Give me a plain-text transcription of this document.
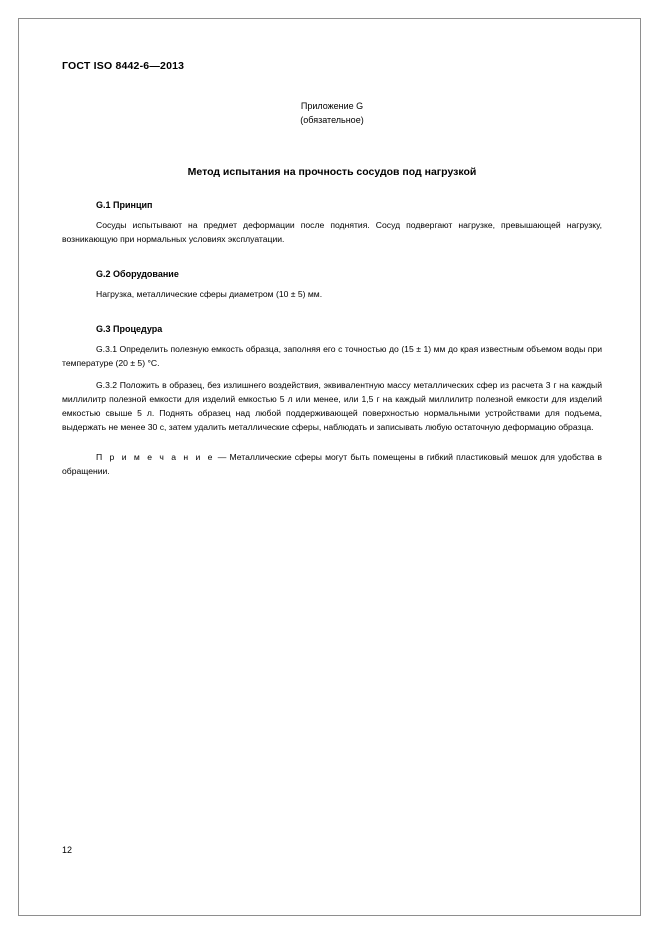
ГОСТ ISO 8442-6—2013
Приложение G
(обязательное)
Метод испытания на прочность сосудов под нагрузкой
G.1 Принцип

Сосуды испытывают на предмет деформации после поднятия. Сосуд подвергают нагрузке, превышающей нагрузку, возникающую при нормальных условиях эксплуатации.

G.2 Оборудование

Нагрузка, металлические сферы диаметром (10 ± 5) мм.

G.3 Процедура

G.3.1 Определить полезную емкость образца, заполняя его с точностью до (15 ± 1) мм до края известным объемом воды при температуре (20 ± 5) °С.

G.3.2 Положить в образец, без излишнего воздействия, эквивалентную массу металлических сфер из расчета 3 г на каждый миллилитр полезной емкости для изделий емкостью 5 л или менее, или 1,5 г на каждый миллилитр полезной емкости для изделий емкостью свыше 5 л. Поднять образец над любой поддерживающей поверхностью нормальными устройствами для подъема, выдержать не менее 30 с, затем удалить металлические сферы, наблюдать и записывать любую остаточную деформацию образца.

П р и м е ч а н и е — Металлические сферы могут быть помещены в гибкий пластиковый мешок для удобства в обращении.

12
